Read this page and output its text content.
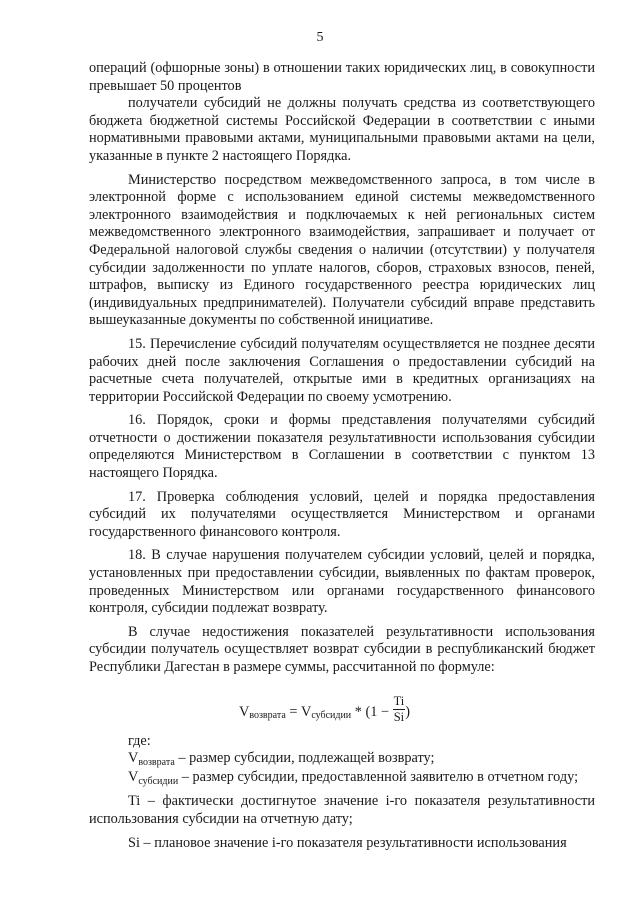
5

операций (офшорные зоны) в отношении таких юридических лиц, в совокупности превышает 50 процентов

получатели субсидий не должны получать средства из соответствующего бюджета бюджетной системы Российской Федерации в соответствии с иными нормативными правовыми актами, муниципальными правовыми актами на цели, указанные в пункте 2 настоящего Порядка.

Министерство посредством межведомственного запроса, в том числе в электронной форме с использованием единой системы межведомственного электронного взаимодействия и подключаемых к ней региональных систем межведомственного электронного взаимодействия, запрашивает и получает от Федеральной налоговой службы сведения о наличии (отсутствии) у получателя субсидии задолженности по уплате налогов, сборов, страховых взносов, пеней, штрафов, выписку из Единого государственного реестра юридических лиц (индивидуальных предпринимателей). Получатели субсидий вправе представить вышеуказанные документы по собственной инициативе.

15. Перечисление субсидий получателям осуществляется не позднее десяти рабочих дней после заключения Соглашения о предоставлении субсидий на расчетные счета получателей, открытые ими в кредитных организациях на территории Российской Федерации по своему усмотрению.

16. Порядок, сроки и формы представления получателями субсидий отчетности о достижении показателя результативности использования субсидии определяются Министерством в Соглашении в соответствии с пунктом 13 настоящего Порядка.

17. Проверка соблюдения условий, целей и порядка предоставления субсидий их получателями осуществляется Министерством и органами государственного финансового контроля.

18. В случае нарушения получателем субсидии условий, целей и порядка, установленных при предоставлении субсидии, выявленных по фактам проверок, проведенных Министерством или органами государственного финансового контроля, субсидии подлежат возврату.

В случае недостижения показателей результативности использования субсидии получатель осуществляет возврат субсидии в республиканский бюджет Республики Дагестан в размере суммы, рассчитанной по формуле:

$V_{возврата} = V_{субсидии} * (1 - \frac{Ti}{Si}$ )

где:

$V_{возврата}$ – размер субсидии, подлежащей возврату;

$V_{субсидии}$ – размер субсидии, предоставленной заявителю в отчетном году;

Ti – фактически достигнутое значение i-го показателя результативности использования субсидии на отчетную дату;

Si – плановое значение i-го показателя результативности использования
